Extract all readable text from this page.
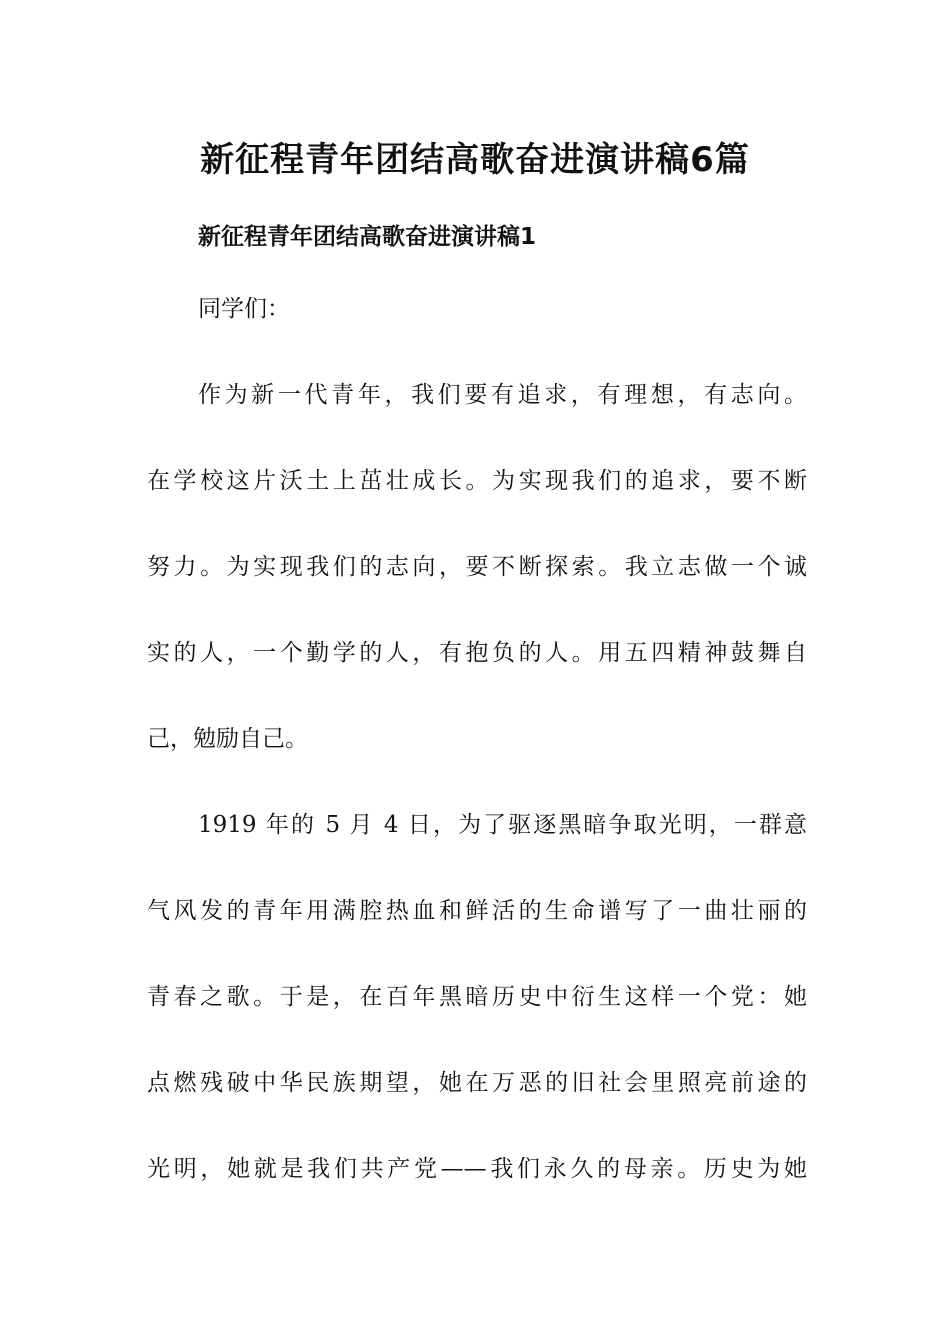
新征程青年团结高歌奋进演讲稿6篇
新征程青年团结高歌奋进演讲稿1

同学们：

作为新一代青年，我们要有追求，有理想，有志向。

在学校这片沃土上茁壮成长。为实现我们的追求，要不断

努力。为实现我们的志向，要不断探索。我立志做一个诚

实的人，一个勤学的人，有抱负的人。用五四精神鼓舞自

己，勉励自己。

1919 年的 5 月 4 日，为了驱逐黑暗争取光明，一群意

气风发的青年用满腔热血和鲜活的生命谱写了一曲壮丽的

青春之歌。于是，在百年黑暗历史中衍生这样一个党：她

点燃残破中华民族期望，她在万恶的旧社会里照亮前途的

光明，她就是我们共产党——我们永久的母亲。历史为她
